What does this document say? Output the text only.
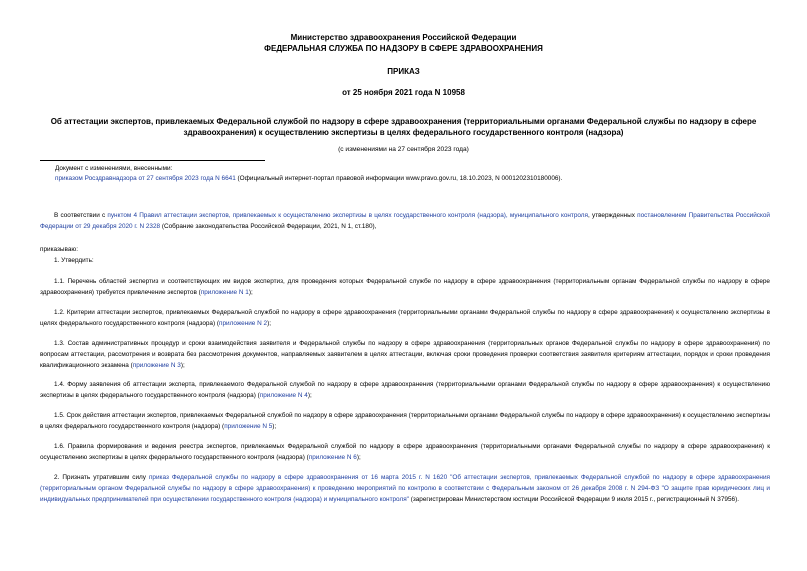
Министерство здравоохранения Российской Федерации
ФЕДЕРАЛЬНАЯ СЛУЖБА ПО НАДЗОРУ В СФЕРЕ ЗДРАВООХРАНЕНИЯ
ПРИКАЗ
от 25 ноября 2021 года N 10958
Об аттестации экспертов, привлекаемых Федеральной службой по надзору в сфере здравоохранения (территориальными органами Федеральной службы по надзору в сфере здравоохранения) к осуществлению экспертизы в целях федерального государственного контроля (надзора)
(с изменениями на 27 сентября 2023 года)
Документ с изменениями, внесенными:
приказом Росздравнадзора от 27 сентября 2023 года N 6641 (Официальный интернет-портал правовой информации www.pravo.gov.ru, 18.10.2023, N 0001202310180006).
В соответствии с пунктом 4 Правил аттестации экспертов, привлекаемых к осуществлению экспертизы в целях государственного контроля (надзора), муниципального контроля, утвержденных постановлением Правительства Российской Федерации от 29 декабря 2020 г. N 2328 (Собрание законодательства Российской Федерации, 2021, N 1, ст.180),
приказываю:
1. Утвердить:
1.1. Перечень областей экспертиз и соответствующих им видов экспертиз, для проведения которых Федеральной службе по надзору в сфере здравоохранения (территориальным органам Федеральной службы по надзору в сфере здравоохранения) требуется привлечение экспертов (приложение N 1);
1.2. Критерии аттестации экспертов, привлекаемых Федеральной службой по надзору в сфере здравоохранения (территориальными органами Федеральной службы по надзору в сфере здравоохранения) к осуществлению экспертизы в целях федерального государственного контроля (надзора) (приложение N 2);
1.3. Состав административных процедур и сроки взаимодействия заявителя и Федеральной службы по надзору в сфере здравоохранения (территориальных органов Федеральной службы по надзору в сфере здравоохранения) по вопросам аттестации, рассмотрения и возврата без рассмотрения документов, направляемых заявителем в целях аттестации, включая сроки проведения проверки соответствия заявителя критериям аттестации, порядок и сроки проведения квалификационного экзамена (приложение N 3);
1.4. Форму заявления об аттестации эксперта, привлекаемого Федеральной службой по надзору в сфере здравоохранения (территориальными органами Федеральной службы по надзору в сфере здравоохранения) к осуществлению экспертизы в целях федерального государственного контроля (надзора) (приложение N 4);
1.5. Срок действия аттестации экспертов, привлекаемых Федеральной службой по надзору в сфере здравоохранения (территориальными органами Федеральной службы по надзору в сфере здравоохранения) к осуществлению экспертизы в целях федерального государственного контроля (надзора) (приложение N 5);
1.6. Правила формирования и ведения реестра экспертов, привлекаемых Федеральной службой по надзору в сфере здравоохранения (территориальными органами Федеральной службы по надзору в сфере здравоохранения) к осуществлению экспертизы в целях федерального государственного контроля (надзора) (приложение N 6);
2. Признать утратившим силу приказ Федеральной службы по надзору в сфере здравоохранения от 16 марта 2015 г. N 1620 "Об аттестации экспертов, привлекаемых Федеральной службой по надзору в сфере здравоохранения (территориальным органом Федеральной службы по надзору в сфере здравоохранения) к проведению мероприятий по контролю в соответствии с Федеральным законом от 26 декабря 2008 г. N 294-ФЗ "О защите прав юридических лиц и индивидуальных предпринимателей при осуществлении государственного контроля (надзора) и муниципального контроля" (зарегистрирован Министерством юстиции Российской Федерации 9 июля 2015 г., регистрационный N 37956).
